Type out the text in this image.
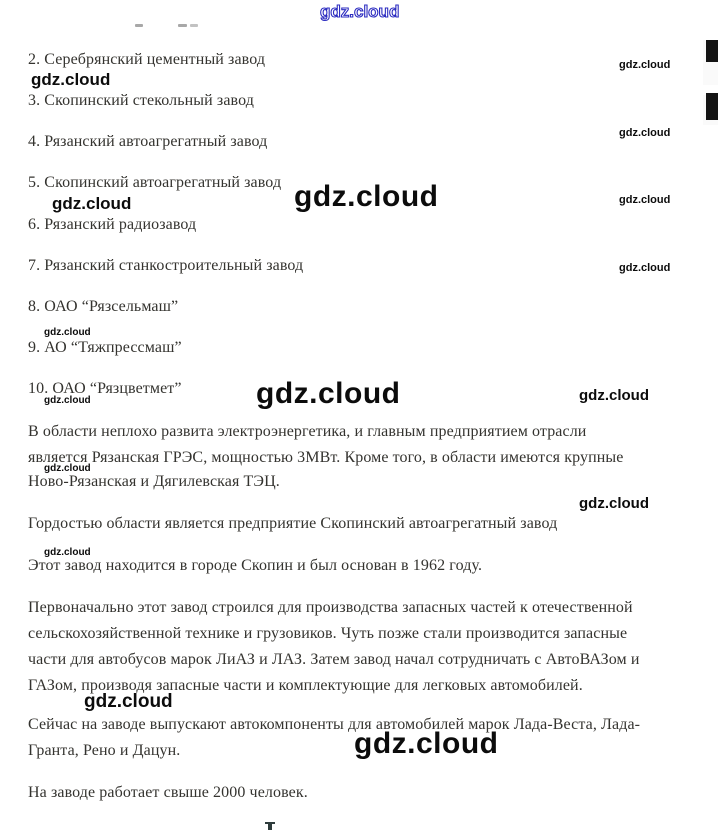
gdz.cloud
2. Серебрянский цементный завод
3. Скопинский стекольный завод
4. Рязанский автоагрегатный завод
5. Скопинский автоагрегатный завод
6. Рязанский радиозавод
7. Рязанский станкостроительный завод
8. ОАО “Рязсельмаш”
9. АО “Тяжпрессмаш”
10. ОАО “Рязцветмет”
В области неплохо развита электроэнергетика, и главным предприятием отрасли
является Рязанская ГРЭС, мощностью 3МВт. Кроме того, в области имеются крупные
Ново-Рязанская и Дягилевская ТЭЦ.
Гордостью области является предприятие Скопинский автоагрегатный завод
Этот завод находится в городе Скопин и был основан в 1962 году.
Первоначально этот завод строился для производства запасных частей к отечественной
сельскохозяйственной технике и грузовиков. Чуть позже стали производится запасные
части для автобусов марок ЛиАЗ и ЛАЗ. Затем завод начал сотрудничать с АвтоВАЗом и
ГАЗом, производя запасные части и комплектующие для легковых автомобилей.
Сейчас на заводе выпускают автокомпоненты для автомобилей марок Лада-Веста, Лада-
Гранта, Рено и Дацун.
На заводе работает свыше 2000 человек.
gdz.cloud
gdz.cloud
gdz.cloud
gdz.cloud
gdz.cloud
gdz.cloud
gdz.cloud
gdz.cloud
gdz.cloud
gdz.cloud
gdz.cloud
gdz.cloud
gdz.cloud
gdz.cloud
gdz.cloud
gdz.cloud
